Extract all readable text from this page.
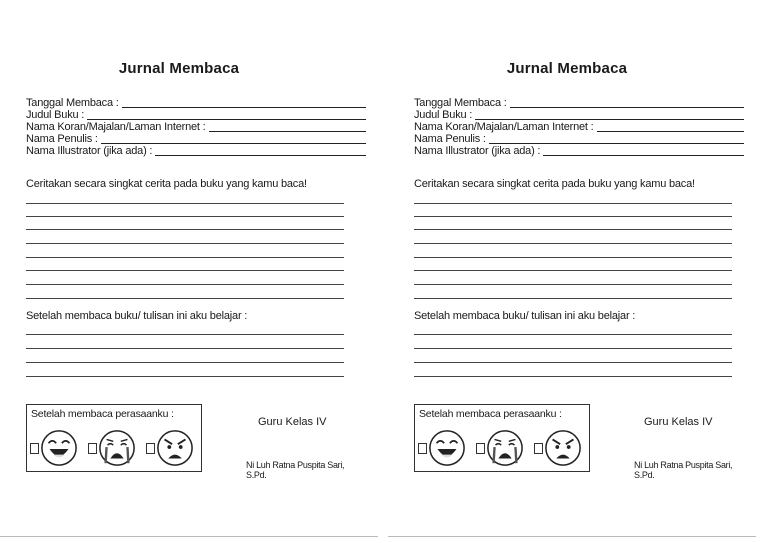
Jurnal Membaca
Tanggal Membaca :
Judul Buku :
Nama Koran/Majalan/Laman Internet :
Nama Penulis :
Nama Illustrator (jika ada) :
Ceritakan secara singkat cerita pada buku yang kamu baca!
Setelah membaca buku/ tulisan ini aku belajar :
Setelah membaca perasaanku :
Guru Kelas IV
Ni Luh Ratna Puspita Sari, S.Pd.
Jurnal Membaca
Tanggal Membaca :
Judul Buku :
Nama Koran/Majalan/Laman Internet :
Nama Penulis :
Nama Illustrator (jika ada) :
Ceritakan secara singkat cerita pada buku yang kamu baca!
Setelah membaca buku/ tulisan ini aku belajar :
Setelah membaca perasaanku :
Guru Kelas IV
Ni Luh Ratna Puspita Sari, S.Pd.
